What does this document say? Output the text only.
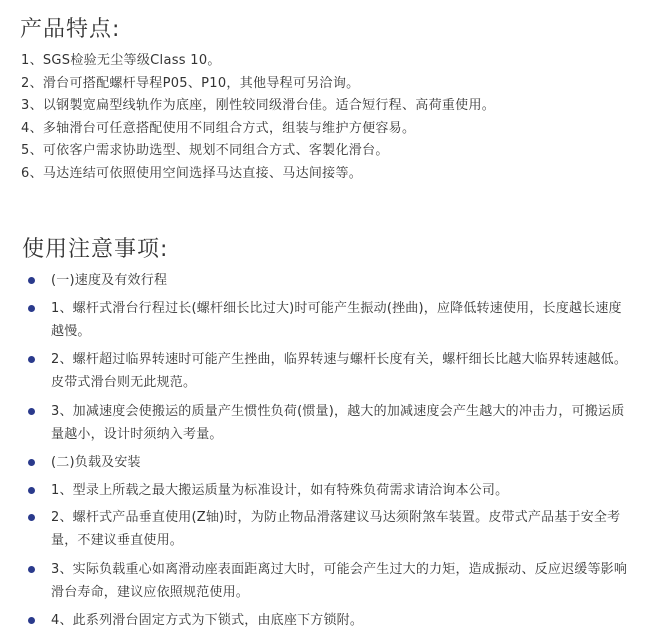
产品特点:
1、SGS检验无尘等级Class 10。
2、滑台可搭配螺杆导程P05、P10，其他导程可另洽询。
3、以钢製宽扁型线轨作为底座，刚性较同级滑台佳。适合短行程、高荷重使用。
4、多轴滑台可任意搭配使用不同组合方式，组装与维护方便容易。
5、可依客户需求协助选型、规划不同组合方式、客製化滑台。
6、马达连结可依照使用空间选择马达直接、马达间接等。
使用注意事项:
(一)速度及有效行程
1、螺杆式滑台行程过长(螺杆细长比过大)时可能产生振动(挫曲)，应降低转速使用，长度越长速度越慢。
2、螺杆超过临界转速时可能产生挫曲，临界转速与螺杆长度有关，螺杆细长比越大临界转速越低。皮带式滑台则无此规范。
3、加减速度会使搬运的质量产生惯性负荷(惯量)，越大的加减速度会产生越大的冲击力，可搬运质量越小，设计时须纳入考量。
(二)负载及安装
1、型录上所载之最大搬运质量为标准设计，如有特殊负荷需求请洽询本公司。
2、螺杆式产品垂直使用(Z轴)时，为防止物品滑落建议马达须附煞车装置。皮带式产品基于安全考量，不建议垂直使用。
3、实际负载重心如离滑动座表面距离过大时，可能会产生过大的力矩，造成振动、反应迟缓等影响滑台寿命，建议应依照规范使用。
4、此系列滑台固定方式为下锁式，由底座下方锁附。
